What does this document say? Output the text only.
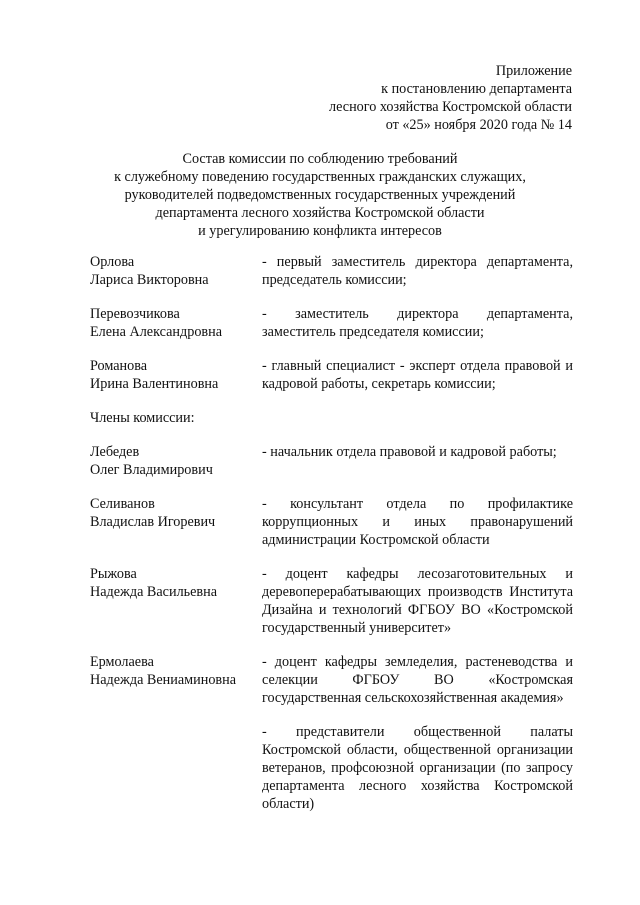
Приложение
к постановлению департамента
лесного хозяйства Костромской области
от «25» ноября 2020 года № 14
Состав комиссии по соблюдению требований
к служебному поведению государственных гражданских служащих,
руководителей подведомственных государственных учреждений
департамента лесного хозяйства Костромской области
и урегулированию конфликта интересов
Орлова
Лариса Викторовна
- первый заместитель директора департамента, председатель комиссии;
Перевозчикова
Елена Александровна
- заместитель директора департамента, заместитель председателя комиссии;
Романова
Ирина Валентиновна
- главный специалист - эксперт отдела правовой и кадровой работы, секретарь комиссии;
Члены комиссии:
Лебедев
Олег Владимирович
- начальник отдела правовой и кадровой работы;
Селиванов
Владислав Игоревич
- консультант отдела по профилактике коррупционных и иных правонарушений администрации Костромской области
Рыжова
Надежда Васильевна
- доцент кафедры лесозаготовительных и деревоперерабатывающих производств Института Дизайна и технологий ФГБОУ ВО «Костромской государственный университет»
Ермолаева
Надежда Вениаминовна
- доцент кафедры земледелия, растеневодства и селекции ФГБОУ ВО «Костромская государственная сельскохозяйственная академия»
- представители общественной палаты Костромской области, общественной организации ветеранов, профсоюзной организации (по запросу департамента лесного хозяйства Костромской области)
